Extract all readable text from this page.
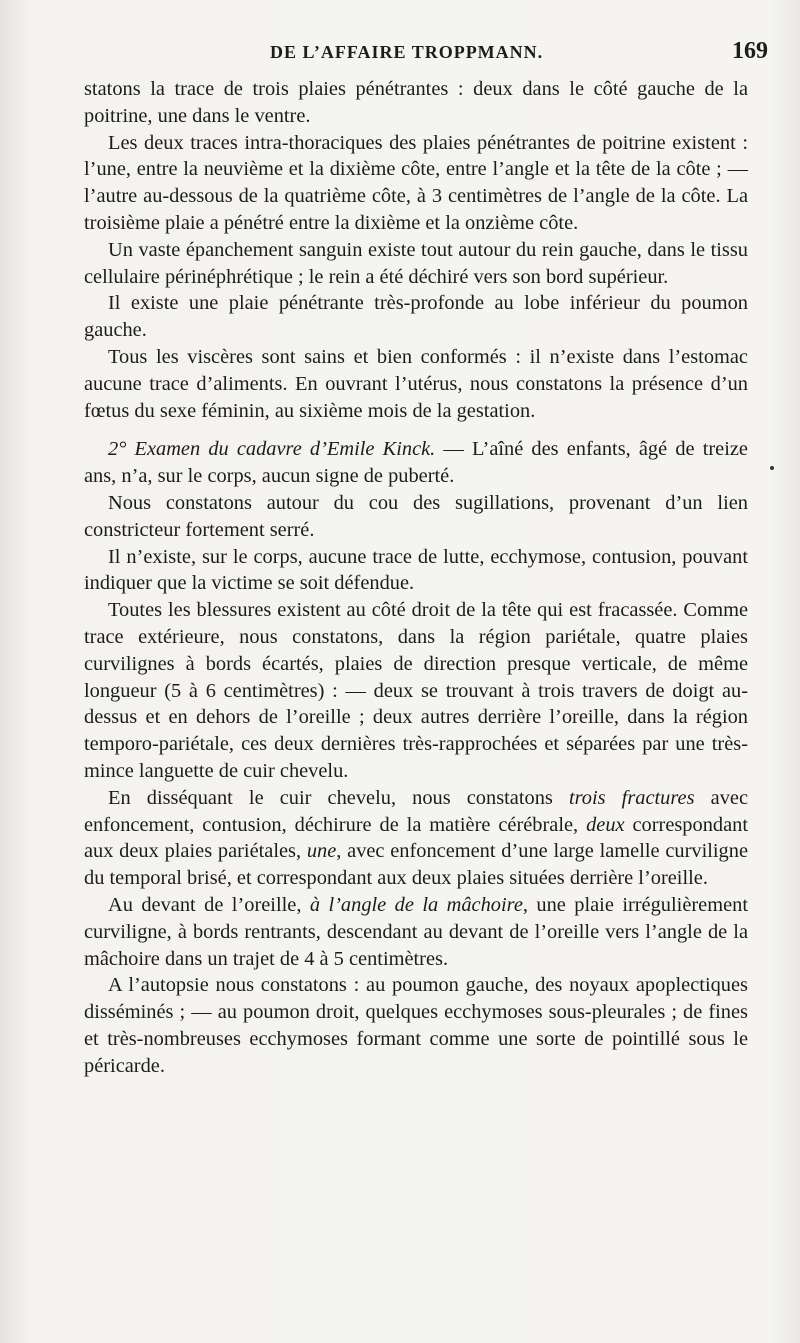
DE L’AFFAIRE TROPPMANN.	169

statons la trace de trois plaies pénétrantes : deux dans le côté gauche de la poitrine, une dans le ventre.

Les deux traces intra-thoraciques des plaies pénétrantes de poitrine existent : l’une, entre la neuvième et la dixième côte, entre l’angle et la tête de la côte ; — l’autre au-dessous de la quatrième côte, à 3 centimètres de l’angle de la côte. La troisième plaie a pénétré entre la dixième et la onzième côte.

Un vaste épanchement sanguin existe tout autour du rein gauche, dans le tissu cellulaire périnéphrétique ; le rein a été déchiré vers son bord supérieur.

Il existe une plaie pénétrante très-profonde au lobe inférieur du poumon gauche.

Tous les viscères sont sains et bien conformés : il n’existe dans l’estomac aucune trace d’aliments. En ouvrant l’utérus, nous constatons la présence d’un fœtus du sexe féminin, au sixième mois de la gestation.

2° Examen du cadavre d’Emile Kinck. — L’aîné des enfants, âgé de treize ans, n’a, sur le corps, aucun signe de puberté.

Nous constatons autour du cou des sugillations, provenant d’un lien constricteur fortement serré.

Il n’existe, sur le corps, aucune trace de lutte, ecchymose, contusion, pouvant indiquer que la victime se soit défendue.

Toutes les blessures existent au côté droit de la tête qui est fracassée. Comme trace extérieure, nous constatons, dans la région pariétale, quatre plaies curvilignes à bords écartés, plaies de direction presque verticale, de même longueur (5 à 6 centimètres) : — deux se trouvant à trois travers de doigt au-dessus et en dehors de l’oreille ; deux autres derrière l’oreille, dans la région temporo-pariétale, ces deux dernières très-rapprochées et séparées par une très-mince languette de cuir chevelu.

En disséquant le cuir chevelu, nous constatons trois fractures avec enfoncement, contusion, déchirure de la matière cérébrale, deux correspondant aux deux plaies pariétales, une, avec enfoncement d’une large lamelle curviligne du temporal brisé, et correspondant aux deux plaies situées derrière l’oreille.

Au devant de l’oreille, à l’angle de la mâchoire, une plaie irrégulièrement curviligne, à bords rentrants, descendant au devant de l’oreille vers l’angle de la mâchoire dans un trajet de 4 à 5 centimètres.

A l’autopsie nous constatons : au poumon gauche, des noyaux apoplectiques disséminés ; — au poumon droit, quelques ecchymoses sous-pleurales ; de fines et très-nombreuses ecchymoses formant comme une sorte de pointillé sous le péricarde.
